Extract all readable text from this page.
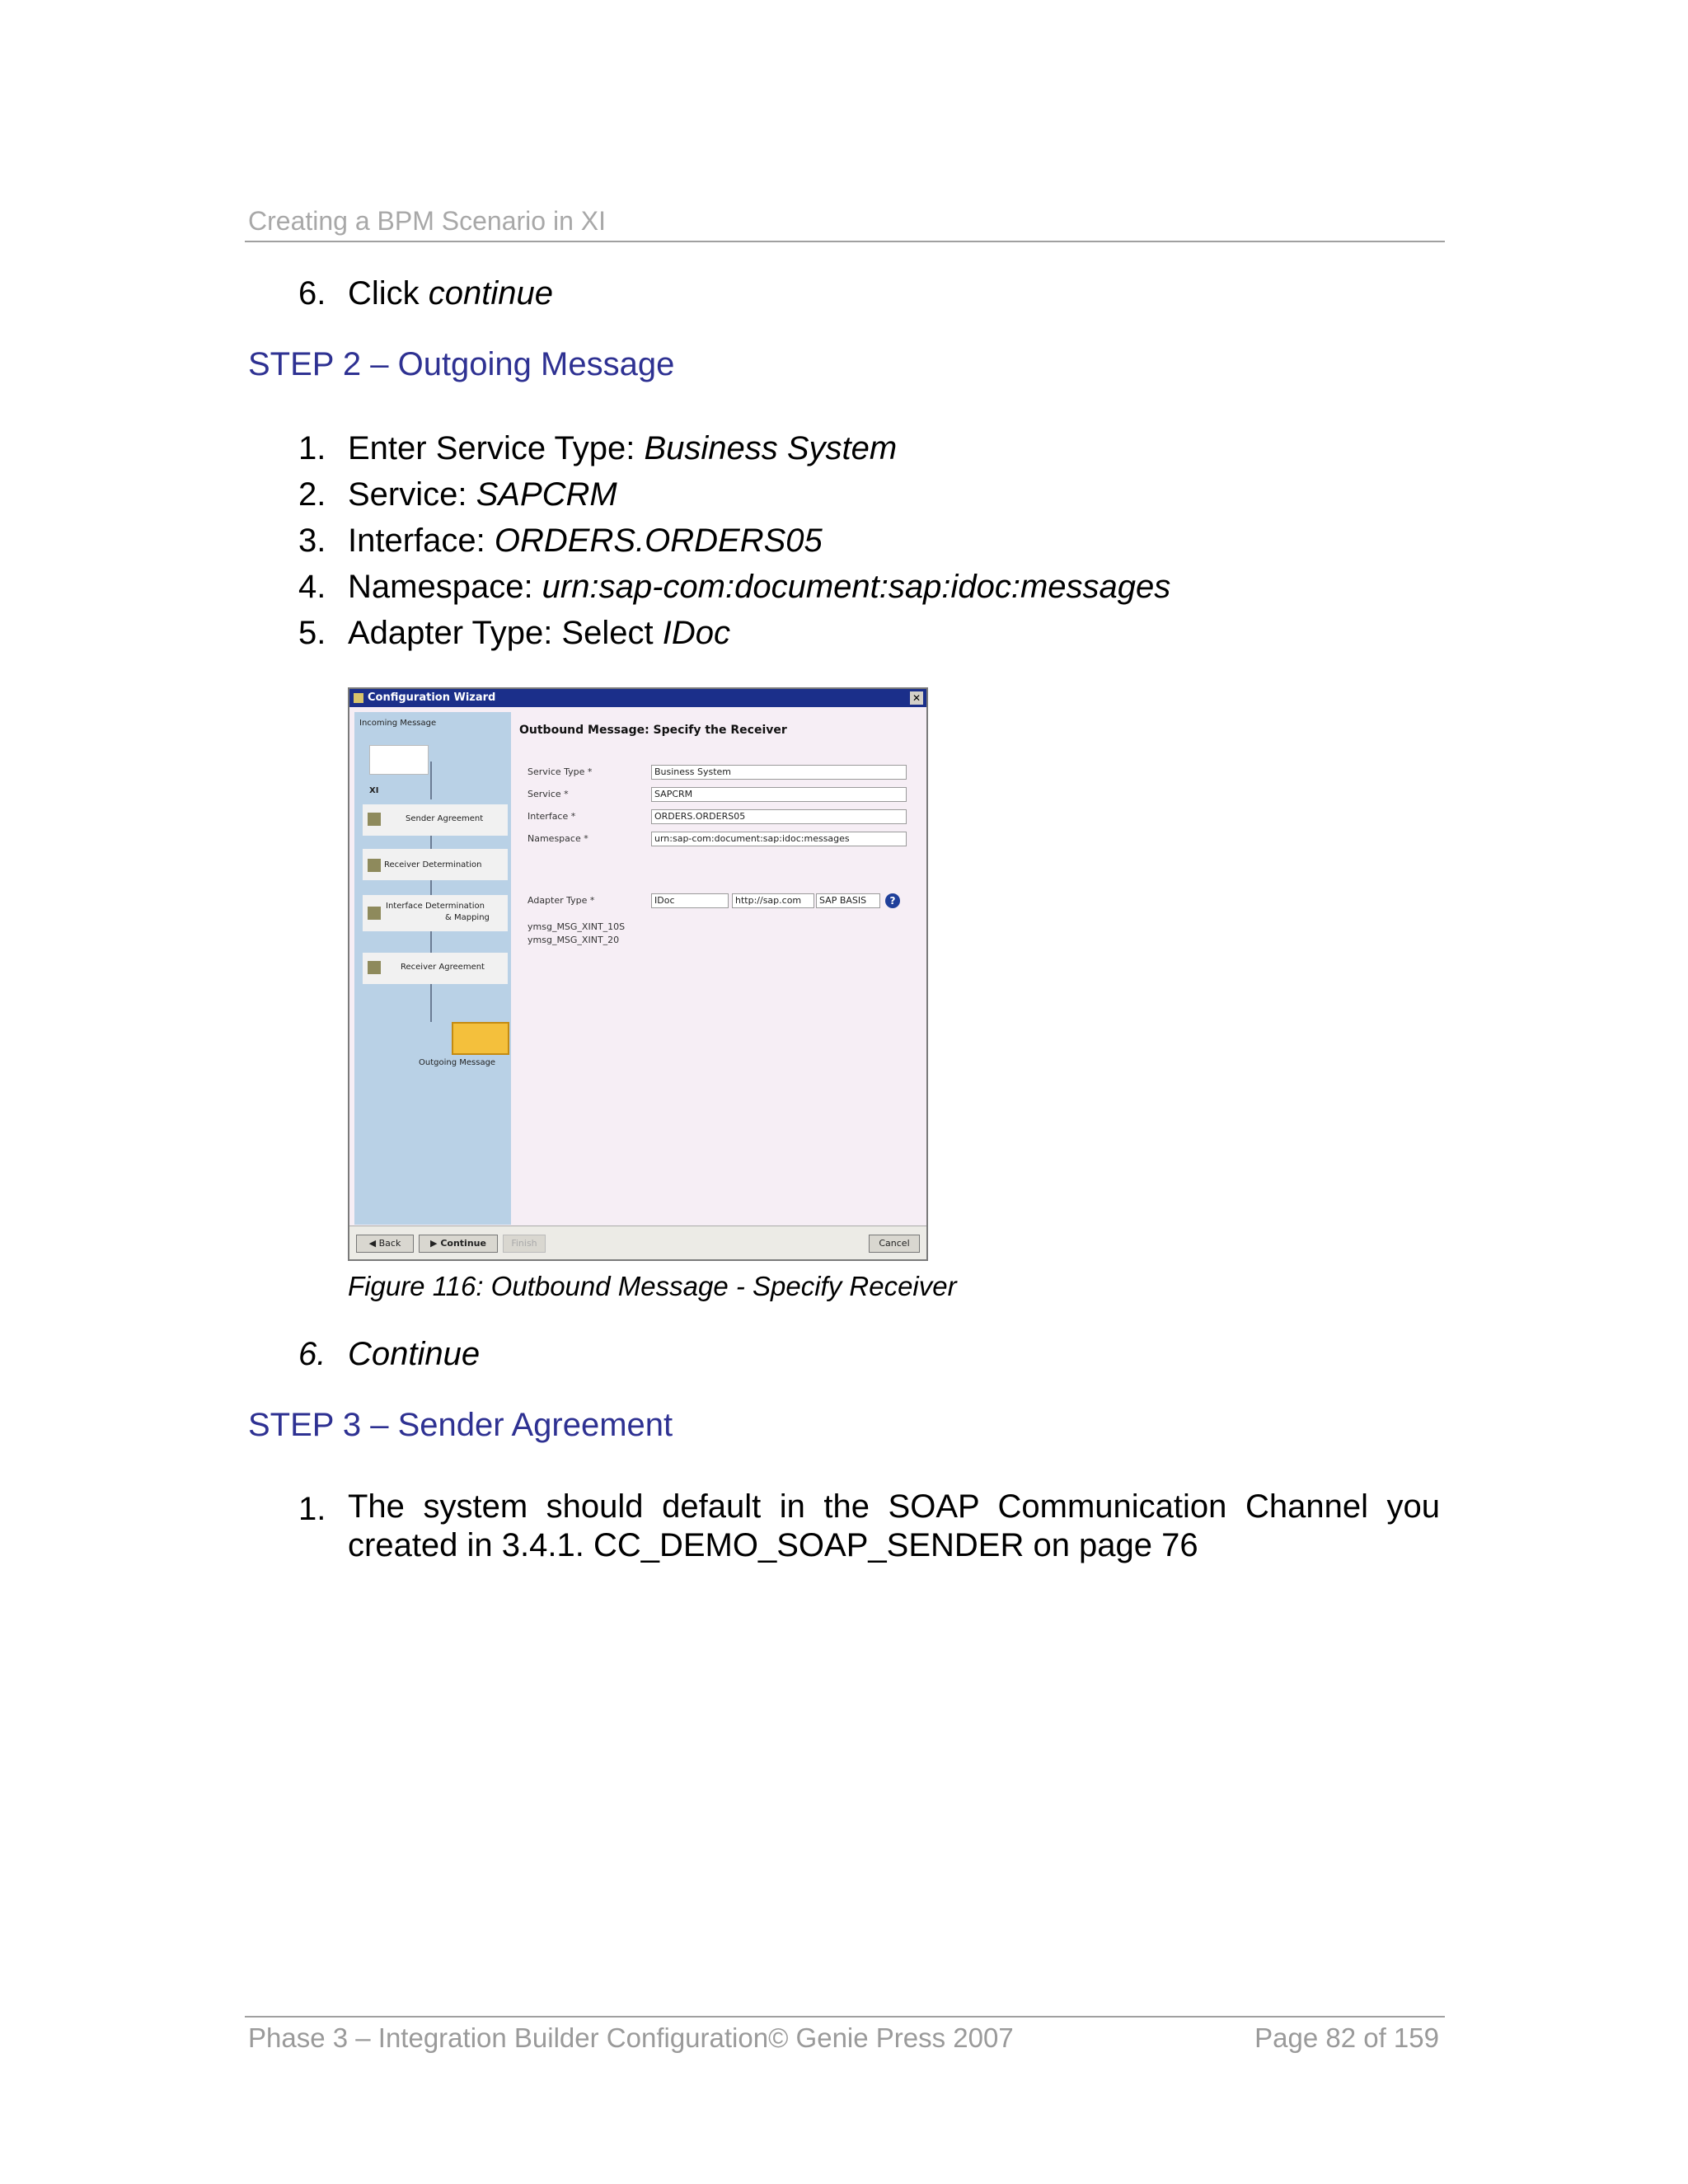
Creating a BPM Scenario in XI
6. Click continue
STEP 2 – Outgoing Message
1. Enter Service Type: Business System
2. Service: SAPCRM
3. Interface: ORDERS.ORDERS05
4. Namespace: urn:sap-com:document:sap:idoc:messages
5. Adapter Type: Select IDoc
Configuration Wizard	✕
Incoming Message
XI
Sender Agreement
Receiver Determination
Interface Determination
& Mapping
Receiver Agreement
Outgoing Message
Outbound Message: Specify the Receiver
Service Type *	Business System
Service *	SAPCRM
Interface *	ORDERS.ORDERS05
Namespace *	urn:sap-com:document:sap:idoc:messages
Adapter Type *	IDoc	http://sap.com	SAP BASIS	?
ymsg_MSG_XINT_10S
ymsg_MSG_XINT_20
◀ Back	▶ Continue	Finish	Cancel
Figure 116: Outbound Message - Specify Receiver
6. Continue
STEP 3 – Sender Agreement
1. The system should default in the SOAP Communication Channel you created in 3.4.1. CC_DEMO_SOAP_SENDER on page 76
Phase 3 – Integration Builder Configuration© Genie Press 2007	Page 82 of 159
